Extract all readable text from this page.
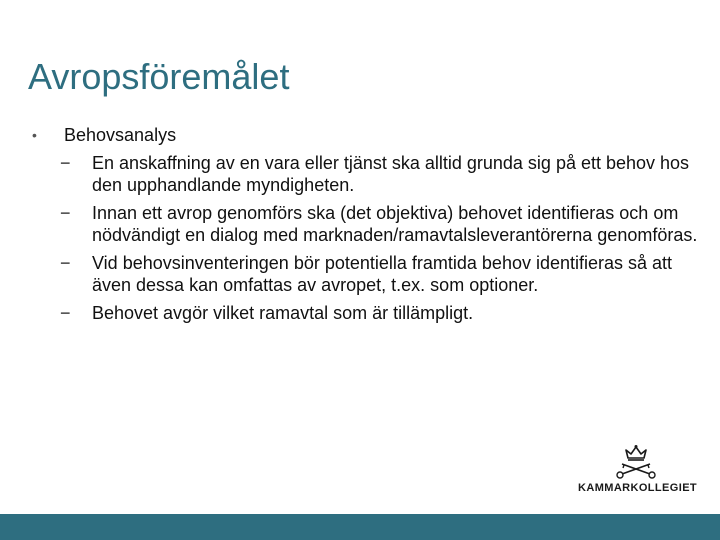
Avropsföremålet
• Behovsanalys
− En anskaffning av en vara eller tjänst ska alltid grunda sig på ett behov hos den upphandlande myndigheten.
− Innan ett avrop genomförs ska (det objektiva) behovet identifieras och om nödvändigt en dialog med marknaden/ramavtalsleverantörerna genomföras.
− Vid behovsinventeringen bör potentiella framtida behov identifieras så att även dessa kan omfattas av avropet, t.ex. som optioner.
− Behovet avgör vilket ramavtal som är tillämpligt.
KAMMARKOLLEGIET
